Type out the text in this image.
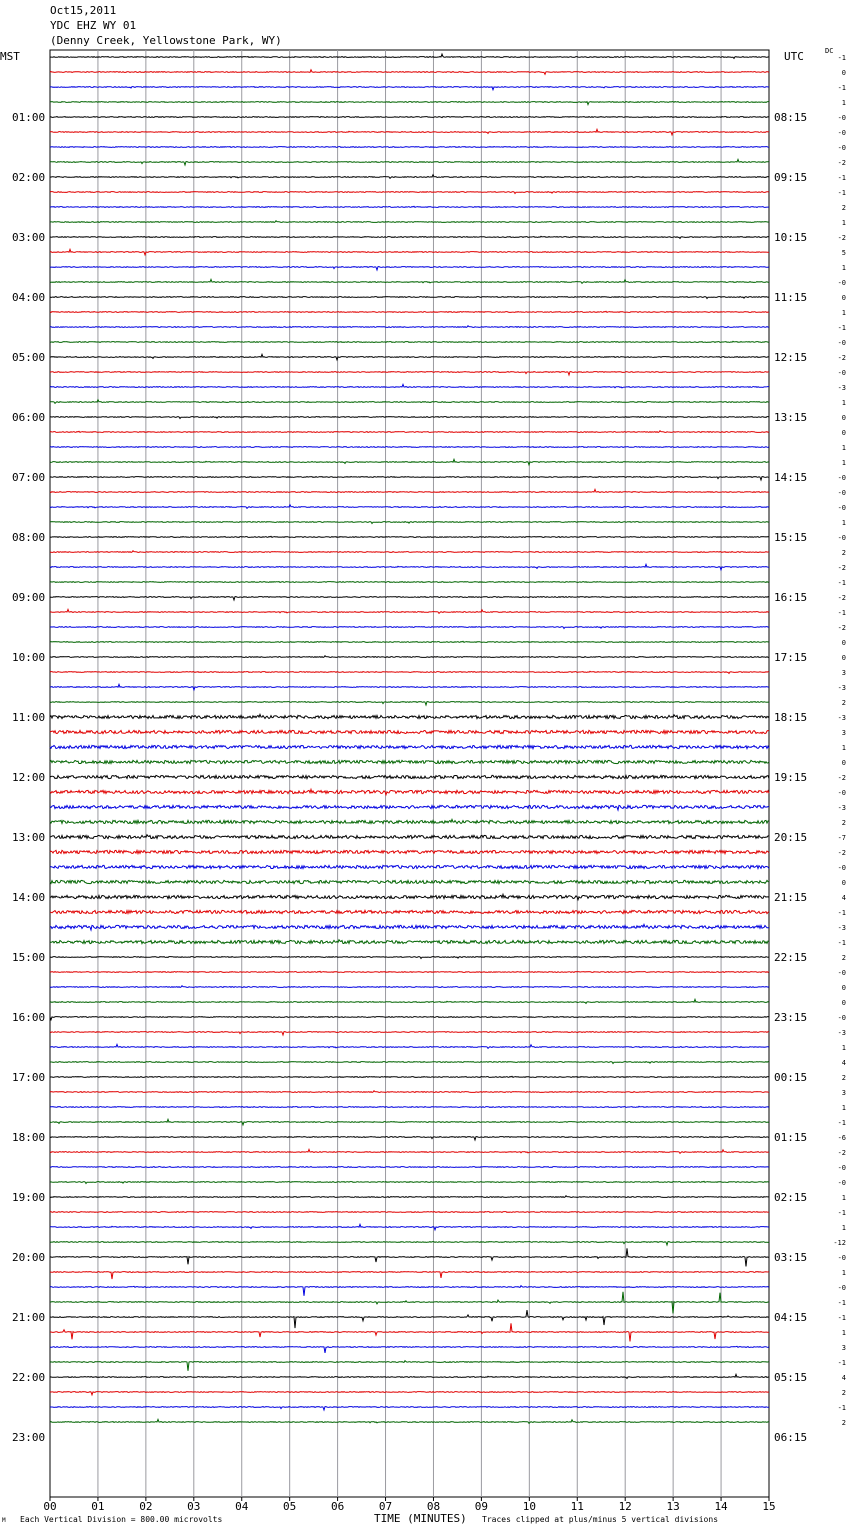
Oct15,2011
YDC EHZ WY 01
(Denny Creek, Yellowstone Park, WY)
MST	UTC	DC
00	01	02	03	04	05	06	07	08	09	10	11	12	13	14	15
-1
0
-1
1
-0
-0
-0
-2
-1
-1
2
1
-2
5
1
-0
0
1
-1
-0
-2
-0
-3
1
0
0
1
1
-0
-0
-0
1
-0
2
-2
-1
-2
-1
-2
0
0
3
-3
2
-3
3
1
0
-2
-0
-3
2
-7
-2
-0
0
4
-1
-3
-1
2
-0
0
0
-0
-3
1
4
2
3
1
-1
-6
-2
-0
-0
1
-1
1
-12
-0
1
-0
-1
-1
1
3
-1
4
2
-1
2
01:00
02:00
03:00
04:00
05:00
06:00
07:00
08:00
09:00
10:00
11:00
12:00
13:00
14:00
15:00
16:00
17:00
18:00
19:00
20:00
21:00
22:00
23:00
08:15
09:15
10:15
11:15
12:15
13:15
14:15
15:15
16:15
17:15
18:15
19:15
20:15
21:15
22:15
23:15
00:15
01:15
02:15
03:15
04:15
05:15
06:15
M Each Vertical Division = 800.00 microvolts	TIME (MINUTES) Traces clipped at plus/minus 5 vertical divisions
